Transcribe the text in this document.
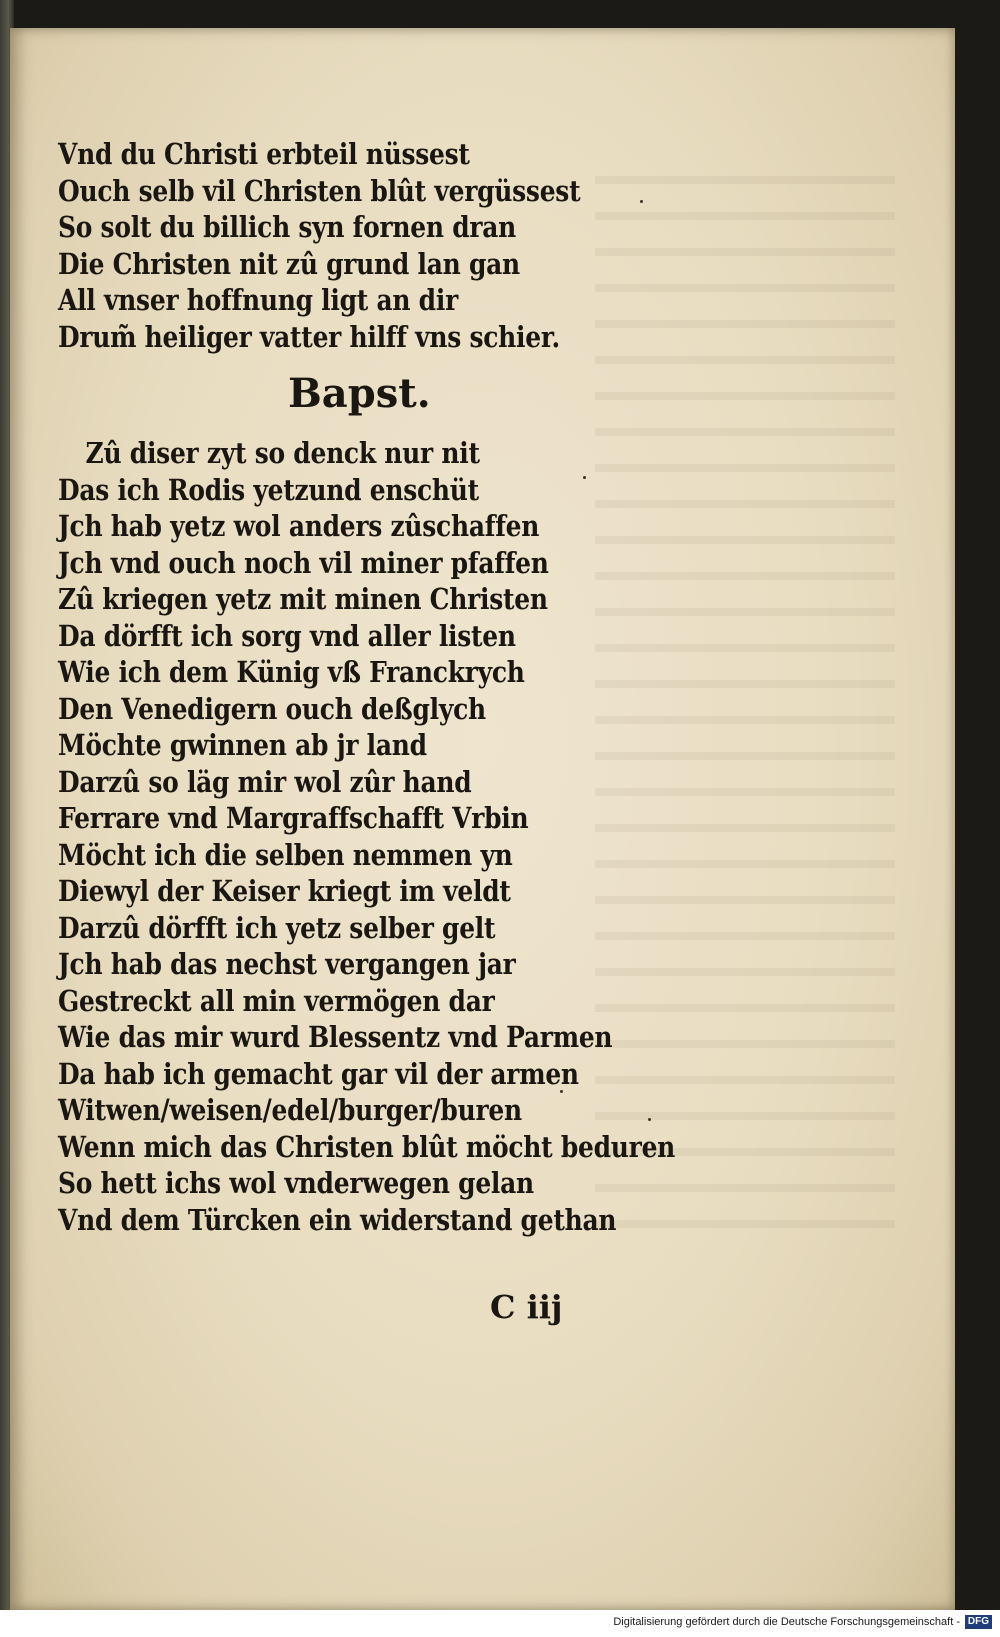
Vnd du Christi erbteil nüssest
Ouch selb vil Christen blût vergüssest
So solt du billich syn fornen dran
Die Christen nit zû grund lan gan
All vnser hoffnung ligt an dir
Drum̃ heiliger vatter hilff vns schier.
Bapst.
Zû diser zyt so denck nur nit
Das ich Rodis yetzund enschüt
Jch hab yetz wol anders zûschaffen
Jch vnd ouch noch vil miner pfaffen
Zû kriegen yetz mit minen Christen
Da dörfft ich sorg vnd aller listen
Wie ich dem Künig vß Franckrych
Den Venedigern ouch deßglych
Möchte gwinnen ab jr land
Darzû so läg mir wol zûr hand
Ferrare vnd Margraffschafft Vrbin
Möcht ich die selben nemmen yn
Diewyl der Keiser kriegt im veldt
Darzû dörfft ich yetz selber gelt
Jch hab das nechst vergangen jar
Gestreckt all min vermögen dar
Wie das mir wurd Blessentz vnd Parmen
Da hab ich gemacht gar vil der armen
Witwen/weisen/edel/burger/buren
Wenn mich das Christen blût möcht beduren
So hett ichs wol vnderwegen gelan
Vnd dem Türcken ein widerstand gethan
C iij
Digitalisierung gefördert durch die Deutsche Forschungsgemeinschaft - DFG
